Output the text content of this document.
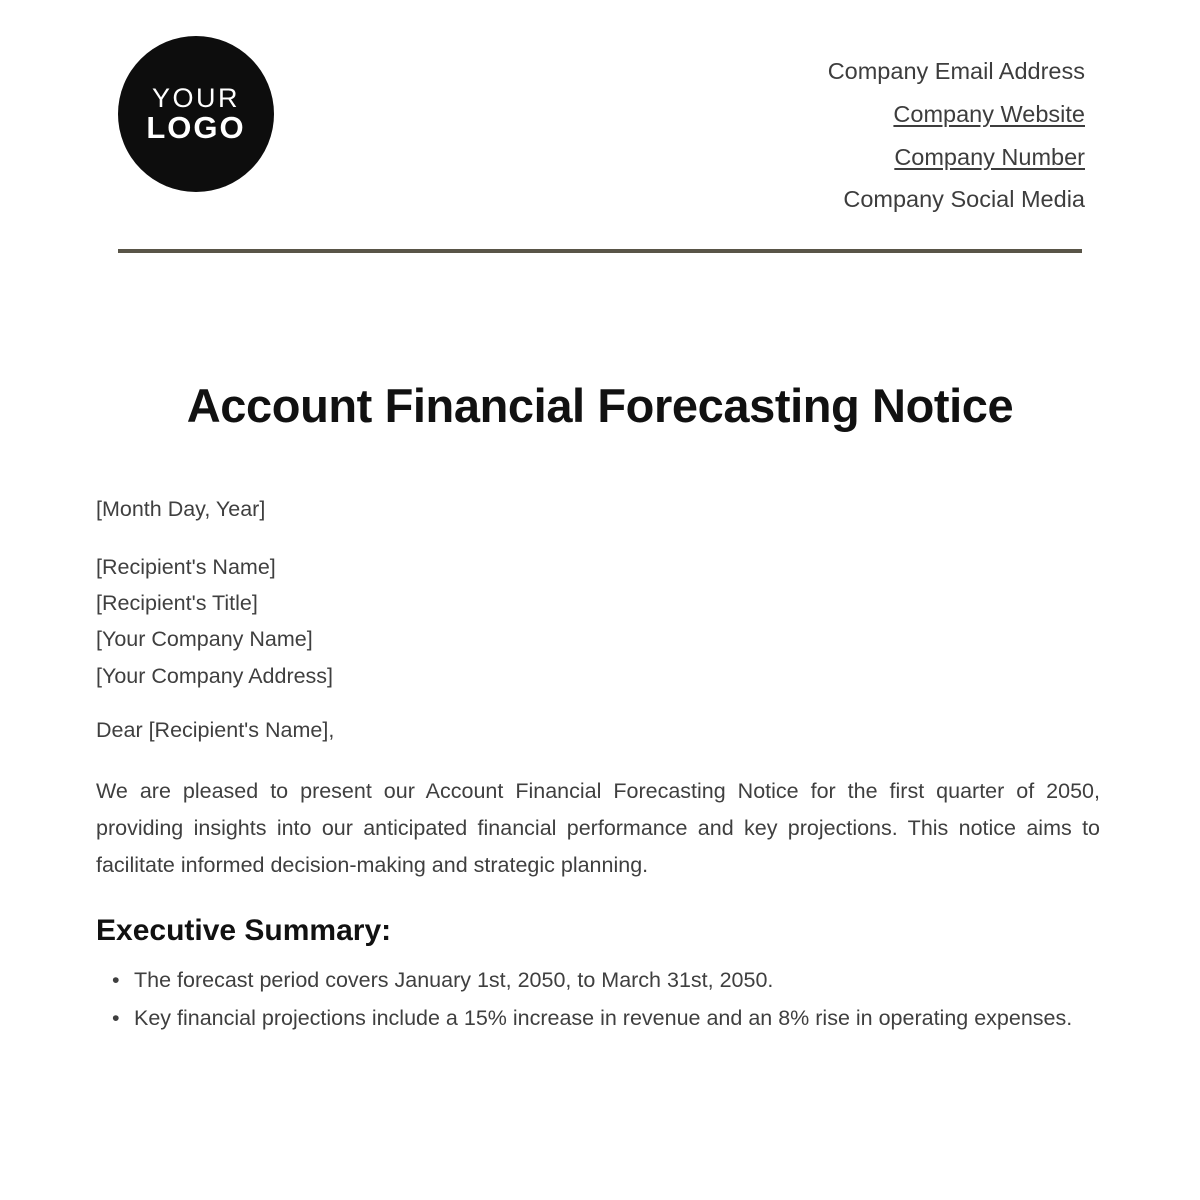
YOUR
LOGO
Company Email Address
Company Website
Company Number
Company Social Media
Account Financial Forecasting Notice
[Month Day, Year]
[Recipient's Name]
[Recipient's Title]
[Your Company Name]
[Your Company Address]
Dear [Recipient's Name],
We are pleased to present our Account Financial Forecasting Notice for the first quarter of 2050, providing insights into our anticipated financial performance and key projections. This notice aims to facilitate informed decision-making and strategic planning.
Executive Summary:
• The forecast period covers January 1st, 2050, to March 31st, 2050.
• Key financial projections include a 15% increase in revenue and an 8% rise in operating expenses.
